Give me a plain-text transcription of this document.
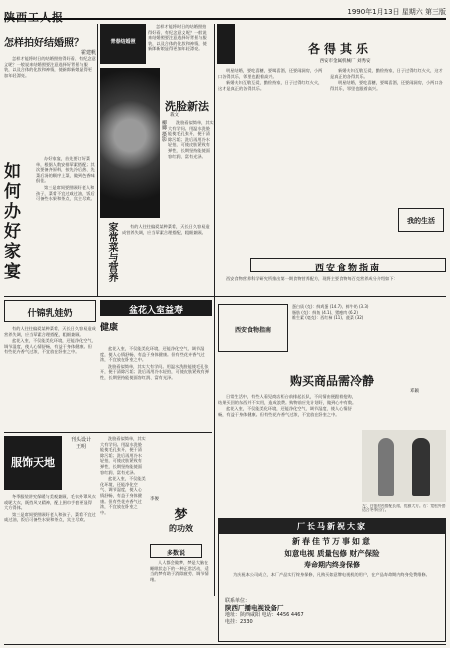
陕西工人报	1990年1月13日 星期六 第三版
怎样拍好结婚照？
霍建帆

怎样才能将时日的结婚照拍得好看、有纪念意义呢？一般说来结婚照要注意选择好背景与服装，以及合体的化妆和神情，使新郎新娘显得更加年轻漂亮。

如何办好家宴

办好家宴，首先要订好菜单，根据人数安排荤素搭配；其次要备齐原料，按先冷后热、先菜后汤的顺序上菜，做到色香味俱佳。

第三是席间要照顾好老人和孩子，菜肴不宜过咸过油，饭后可备些水果和茶点，宾主尽欢。

青春结婚照

怎样才能将时日的结婚照拍得好看、有纪念意义呢？一般说来结婚照要注意选择好背景与服装，以及合体的化妆和神情，使新郎新娘显得更加年轻漂亮。

柳卿 摄影
洗脸新法
栽文

洗脸看似简单，其实大有学问。用温水洗脸能使毛孔张开，便于清除污垢；洗后再用冷水轻拍，可使皮肤紧致有弹性，长期坚持能使面容红润、富有光泽。

家常菜与营养	有的人往往偏爱某种菜肴，天长日久容易造成营养失调，应当荤素合理搭配，粗细兼顾。

各得其乐
西安市金属机械厂 刘秀安

明星结婚，要吃喜糖，要喝喜酒，还要闹洞房，小两口各得其乐，邻里也跟着高兴。

新婚夫妇互敬互爱，勤俭持家，日子过得红红火火，这才是真正的各得其乐。

新婚夫妇互敬互爱，勤俭持家，日子过得红红火火，这才是真正的各得其乐。

明星结婚，要吃喜糖，要喝喜酒，还要闹洞房，小两口各得其乐，邻里也跟着高兴。

我的生活
什锦乳娃奶

有的人往往偏爱某种菜肴，天长日久容易造成营养失调，应当荤素合理搭配，粗细兼顾。

盆花入室，不仅能美化环境，还能净化空气、调节湿度，使人心情舒畅，有益于身体健康。但有些花卉香气过浓，不宜放在卧室之中。

盆花入室益寿
健康

盆花入室，不仅能美化环境，还能净化空气、调节湿度，使人心情舒畅，有益于身体健康。但有些花卉香气过浓，不宜放在卧室之中。

洗脸看似简单，其实大有学问。用温水洗脸能使毛孔张开，便于清除污垢；洗后再用冷水轻拍，可使皮肤紧致有弹性，长期坚持能使面容红润、富有光泽。

西安食物指南

西安食物营养科学研究所推出第一期食物营养配方，现将主要食物每百克营养成分介绍如下：

西安食物指南
蛋白质 (克)：鲜鸡蛋 (14.7)、鲜牛奶 (3.3)
脂肪 (克)：鲜鱼 (4.1)、猪瘦肉 (6.2)
维生素 (毫克)：西红柿 (11)、菠菜 (32)
购买商品需冷静
邓颖

日常生活中，有些人看见商店柜台前排起长队，不问情由便跟着抢购，结果买回的东西并不实用，造成浪费。购物前应先计划好，做到心中有数。

盆花入室，不仅能美化环境，还能净化空气、调节湿度，使人心情舒畅，有益于身体健康。但有些花卉香气过浓，不宜放在卧室之中。

左：白领衬衫搭配长裙，优雅大方。右：宽松外套适合冬季出行。
服饰天地
刊头设计
王明

冬季服装讲究保暖与美观兼顾，毛衣外罩风衣或呢大衣，既挡风又精神，配上围巾手套更显得大方得体。

第三是席间要照顾好老人和孩子，菜肴不宜过咸过油，饭后可备些水果和茶点，宾主尽欢。

洗脸看似简单，其实大有学问。用温水洗脸能使毛孔张开，便于清除污垢；洗后再用冷水轻拍，可使皮肤紧致有弹性，长期坚持能使面容红润、富有光泽。

盆花入室，不仅能美化环境，还能净化空气、调节湿度，使人心情舒畅，有益于身体健康。但有些花卉香气过浓，不宜放在卧室之中。	梦
的功效
李俊
多数说

人人都会做梦，梦是大脑在睡眠状态下的一种正常活动，适当的梦有助于消除疲劳、调节情绪。

厂长马新祝大家
新春佳节万事如意
如意电视 质量包修 财产保险
寿命期内终身保修

为庆祝本公司成立，本厂产品实行终身保修，凡购买如意牌电视机的用户，在产品寿命期内终身免费维修。

联系单位：
陕西厂播电视设备厂
地址：陕西咸阳 电话：4456 4467
电挂：2330
